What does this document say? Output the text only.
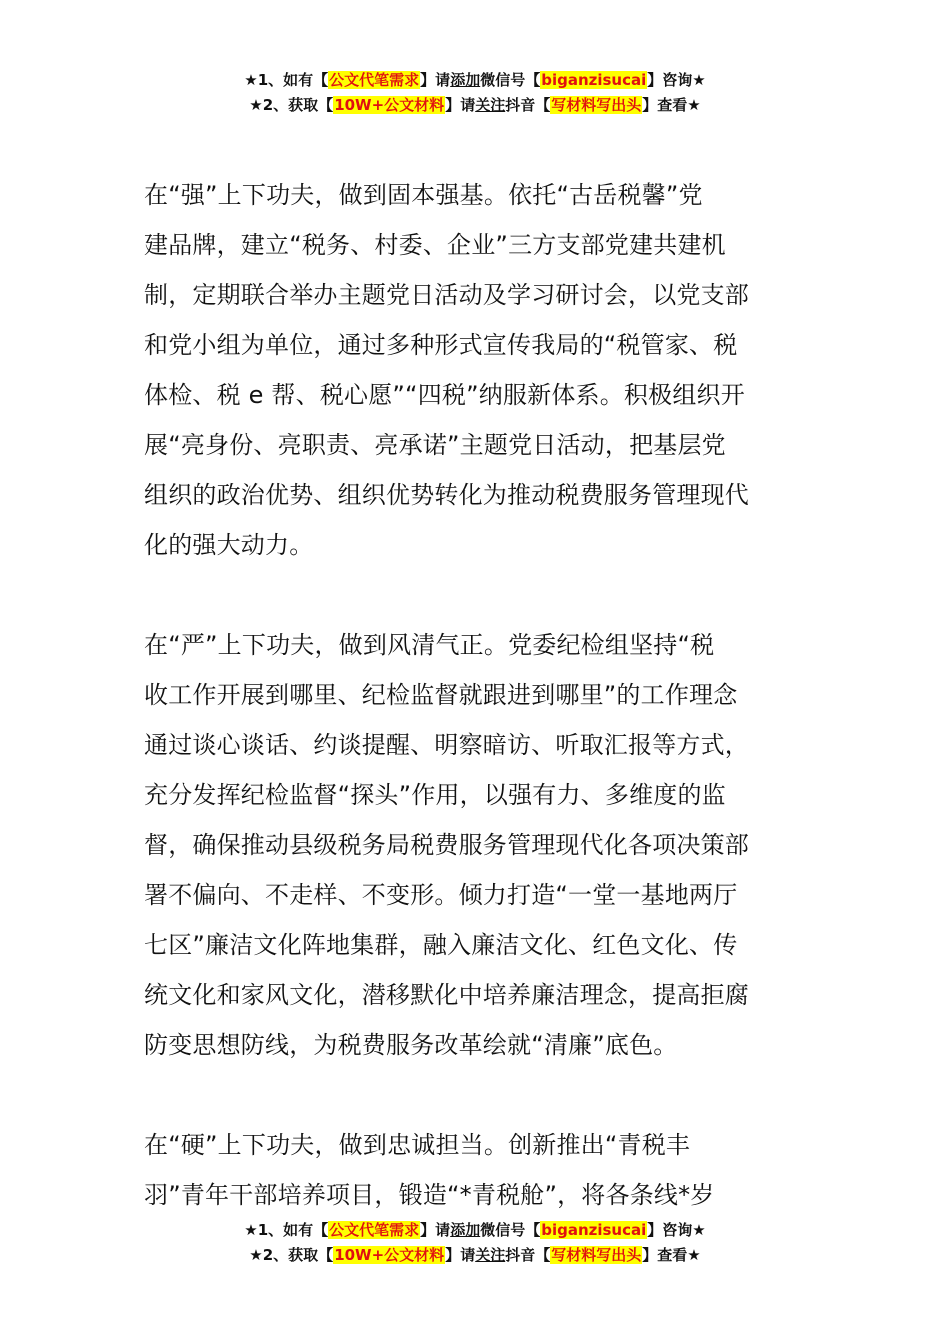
★1、如有【公文代笔需求】请添加微信号【biganzisucai】咨询★
★2、获取【10W+公文材料】请关注抖音【写材料写出头】查看★

在“强”上下功夫，做到固本强基。依托“古岳税馨”党
建品牌，建立“税务、村委、企业”三方支部党建共建机
制，定期联合举办主题党日活动及学习研讨会，以党支部
和党小组为单位，通过多种形式宣传我局的“税管家、税
体检、税 e 帮、税心愿”“四税”纳服新体系。积极组织开
展“亮身份、亮职责、亮承诺”主题党日活动，把基层党
组织的政治优势、组织优势转化为推动税费服务管理现代
化的强大动力。

在“严”上下功夫，做到风清气正。党委纪检组坚持“税
收工作开展到哪里、纪检监督就跟进到哪里”的工作理念
通过谈心谈话、约谈提醒、明察暗访、听取汇报等方式，
充分发挥纪检监督“探头”作用，以强有力、多维度的监
督，确保推动县级税务局税费服务管理现代化各项决策部
署不偏向、不走样、不变形。倾力打造“一堂一基地两厅
七区”廉洁文化阵地集群，融入廉洁文化、红色文化、传
统文化和家风文化，潜移默化中培养廉洁理念，提高拒腐
防变思想防线，为税费服务改革绘就“清廉”底色。

在“硬”上下功夫，做到忠诚担当。创新推出“青税丰
羽”青年干部培养项目，锻造“*青税舱”，将各条线*岁

★1、如有【公文代笔需求】请添加微信号【biganzisucai】咨询★
★2、获取【10W+公文材料】请关注抖音【写材料写出头】查看★
